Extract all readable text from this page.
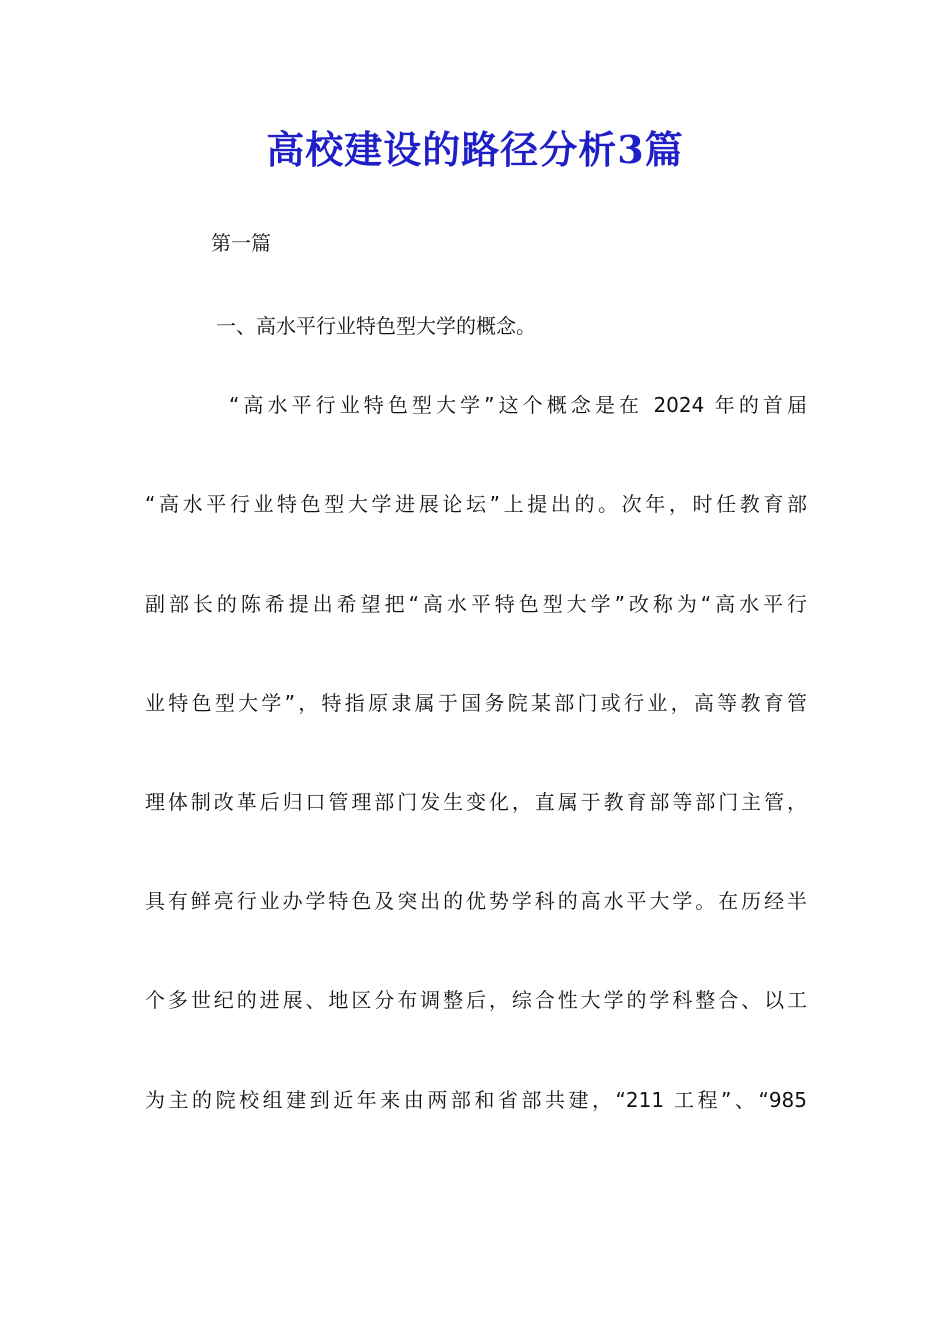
高校建设的路径分析3篇
第一篇
一、高水平行业特色型大学的概念。
“高水平行业特色型大学”这个概念是在 2024 年的首届
“高水平行业特色型大学进展论坛”上提出的。次年，时任教育部
副部长的陈希提出希望把“高水平特色型大学”改称为“高水平行
业特色型大学”，特指原隶属于国务院某部门或行业，高等教育管
理体制改革后归口管理部门发生变化，直属于教育部等部门主管，
具有鲜亮行业办学特色及突出的优势学科的高水平大学。在历经半
个多世纪的进展、地区分布调整后，综合性大学的学科整合、以工
为主的院校组建到近年来由两部和省部共建，“211 工程”、“985
